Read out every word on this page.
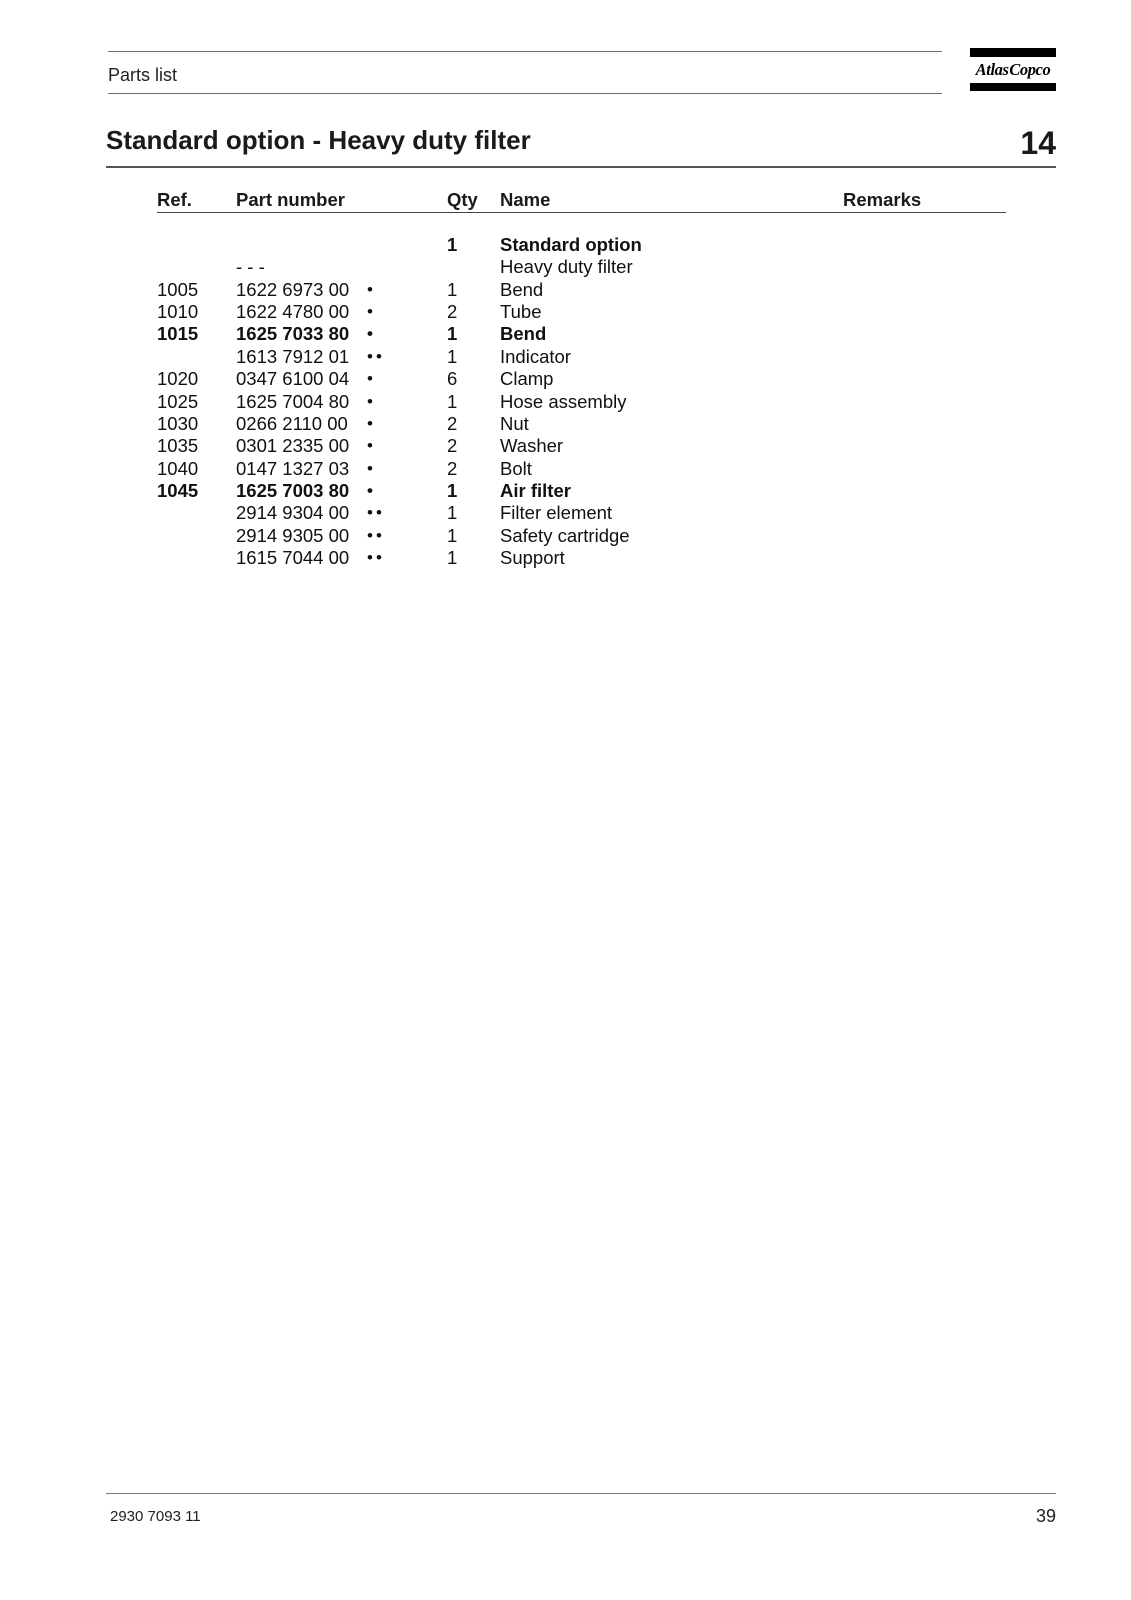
Parts list	Atlas Copco
Standard option - Heavy duty filter	14
Ref. Part number	Qty Name	Remarks
1 Standard option
- - -	Heavy duty filter
1005 1622 6973 00 •	1 Bend
1010 1622 4780 00 •	2 Tube
1015 1625 7033 80 •	1 Bend
1613 7912 01 ••	1 Indicator
1020 0347 6100 04 •	6 Clamp
1025 1625 7004 80 •	1 Hose assembly
1030 0266 2110 00 •	2 Nut
1035 0301 2335 00 •	2 Washer
1040 0147 1327 03 •	2 Bolt
1045 1625 7003 80 •	1 Air filter
2914 9304 00 ••	1 Filter element
2914 9305 00 ••	1 Safety cartridge
1615 7044 00 ••	1 Support
2930 7093 11	39
